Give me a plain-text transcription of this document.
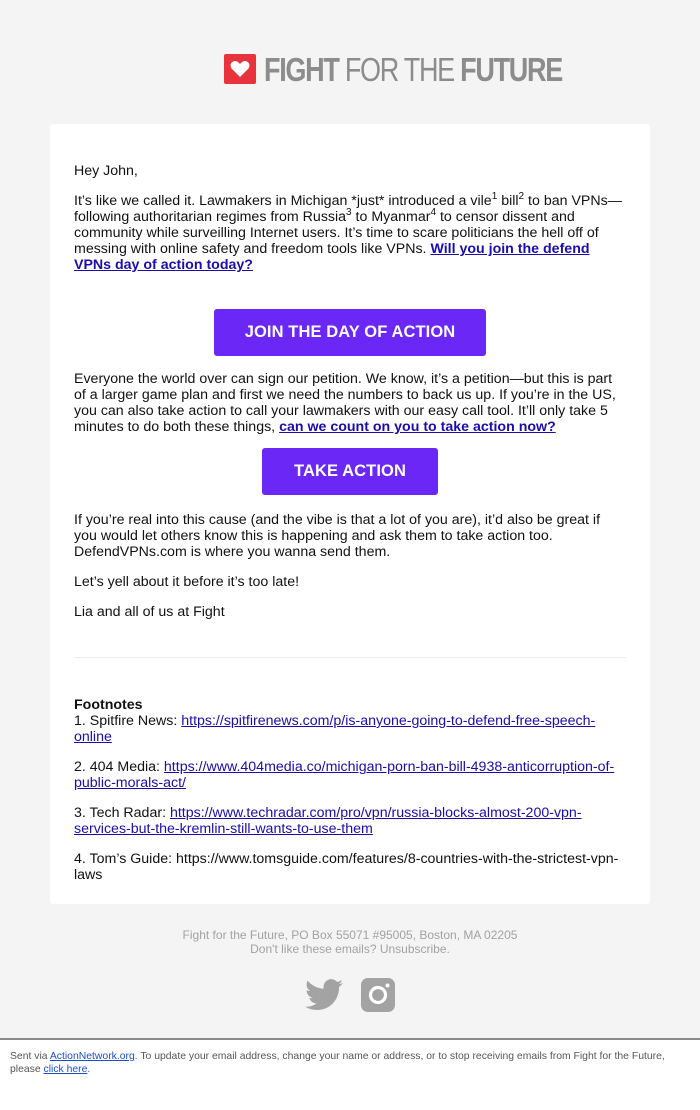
FIGHT FOR THE FUTURE
Hey John,

It’s like we called it. Lawmakers in Michigan *just* introduced a vile$^1$ bill$^2$ to ban VPNs—following authoritarian regimes from Russia$^3$ to Myanmar$^4$ to censor dissent and community while surveilling Internet users. It’s time to scare politicians the hell off of messing with online safety and freedom tools like VPNs. Will you join the defend VPNs day of action today?

JOIN THE DAY OF ACTION

Everyone the world over can sign our petition. We know, it’s a petition—but this is part of a larger game plan and first we need the numbers to back us up. If you’re in the US, you can also take action to call your lawmakers with our easy call tool. It’ll only take 5 minutes to do both these things, can we count on you to take action now?

TAKE ACTION
If you’re real into this cause (and the vibe is that a lot of you are), it’d also be great if you would let others know this is happening and ask them to take action too. DefendVPNs.com is where you wanna send them.
Let’s yell about it before it’s too late!
Lia and all of us at Fight
Footnotes
1. Spitfire News: https://spitfirenews.com/p/is-anyone-going-to-defend-free-speech-online
2. 404 Media: https://www.404media.co/michigan-porn-ban-bill-4938-anticorruption-of-public-morals-act/
3. Tech Radar: https://www.techradar.com/pro/vpn/russia-blocks-almost-200-vpn-services-but-the-kremlin-still-wants-to-use-them
4. Tom’s Guide: https://www.tomsguide.com/features/8-countries-with-the-strictest-vpn-laws
Fight for the Future, PO Box 55071 #95005, Boston, MA 02205
Don't like these emails? Unsubscribe.
Sent via ActionNetwork.org. To update your email address, change your name or address, or to stop receiving emails from Fight for the Future, please click here.
